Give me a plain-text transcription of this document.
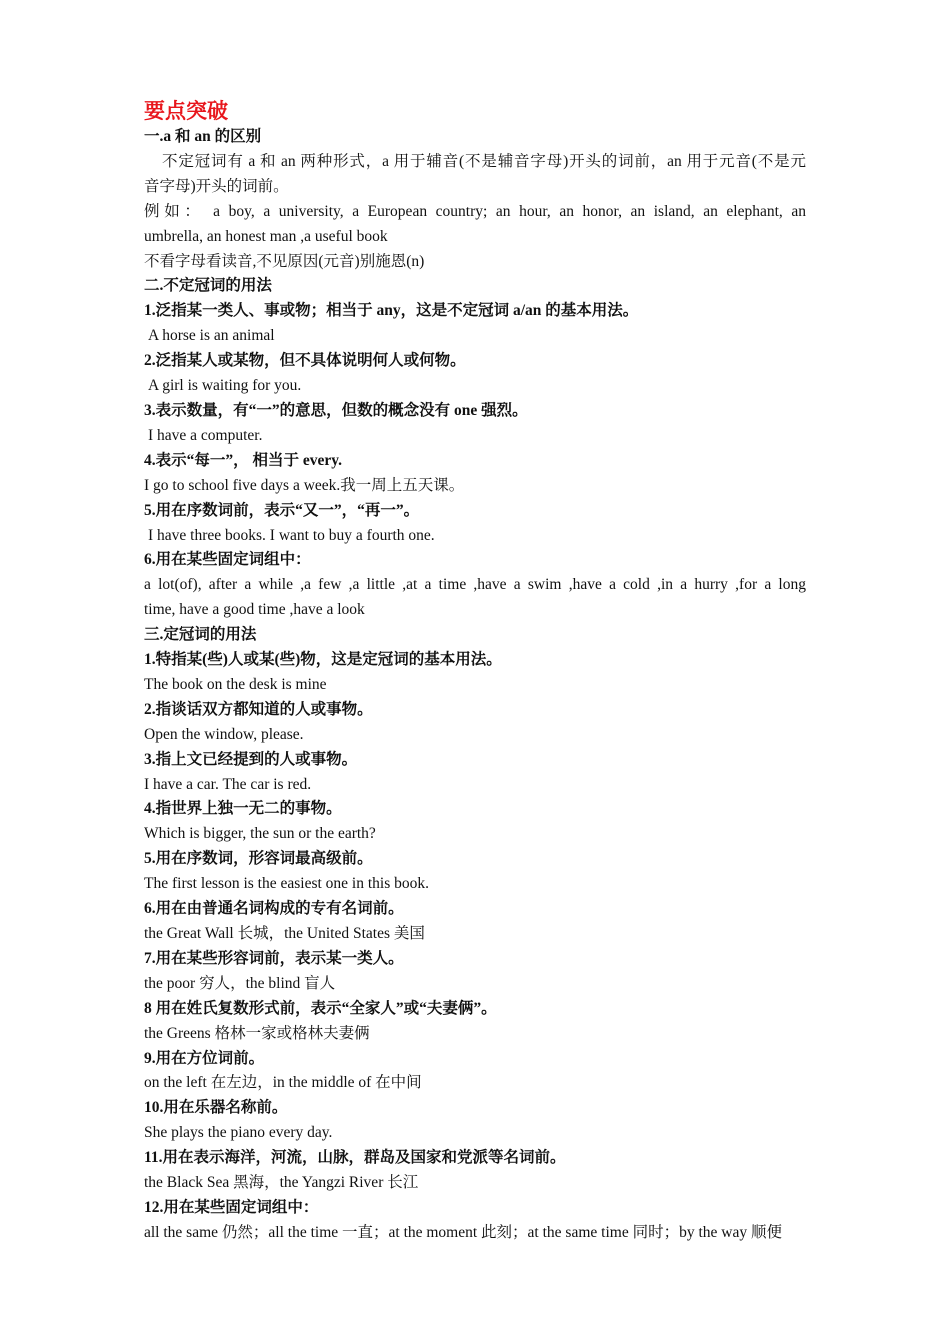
要点突破
一.a 和 an 的区别
不定冠词有 a 和 an 两种形式，a 用于辅音(不是辅音字母)开头的词前，an 用于元音(不是元
音字母)开头的词前。
例如： a boy, a university, a European country; an hour, an honor, an island, an elephant, an
umbrella, an honest man ,a useful book
不看字母看读音,不见原因(元音)别施恩(n)
二.不定冠词的用法
1.泛指某一类人、事或物；相当于 any，这是不定冠词 a/an 的基本用法。
A horse is an animal
2.泛指某人或某物，但不具体说明何人或何物。
A girl is waiting for you.
3.表示数量，有“一”的意思，但数的概念没有 one 强烈。
I have a computer.
4.表示“每一”， 相当于 every.
I go to school five days a week.我一周上五天课。
5.用在序数词前，表示“又一”，“再一”。
I have three books. I want to buy a fourth one.
6.用在某些固定词组中：
a lot(of), after a while ,a few ,a little ,at a time ,have a swim ,have a cold ,in a hurry ,for a long
time, have a good time ,have a look
三.定冠词的用法
1.特指某(些)人或某(些)物，这是定冠词的基本用法。
The book on the desk is mine
2.指谈话双方都知道的人或事物。
Open the window, please.
3.指上文已经提到的人或事物。
I have a car. The car is red.
4.指世界上独一无二的事物。
Which is bigger, the sun or the earth?
5.用在序数词，形容词最高级前。
The first lesson is the easiest one in this book.
6.用在由普通名词构成的专有名词前。
the Great Wall 长城，the United States 美国
7.用在某些形容词前，表示某一类人。
the poor 穷人，the blind 盲人
8 用在姓氏复数形式前，表示“全家人”或“夫妻俩”。
the Greens 格林一家或格林夫妻俩
9.用在方位词前。
on the left 在左边，in the middle of 在中间
10.用在乐器名称前。
She plays the piano every day.
11.用在表示海洋，河流，山脉，群岛及国家和党派等名词前。
the Black Sea 黑海，the Yangzi River 长江
12.用在某些固定词组中：
all the same 仍然；all the time 一直；at the moment 此刻；at the same time 同时；by the way 顺便
